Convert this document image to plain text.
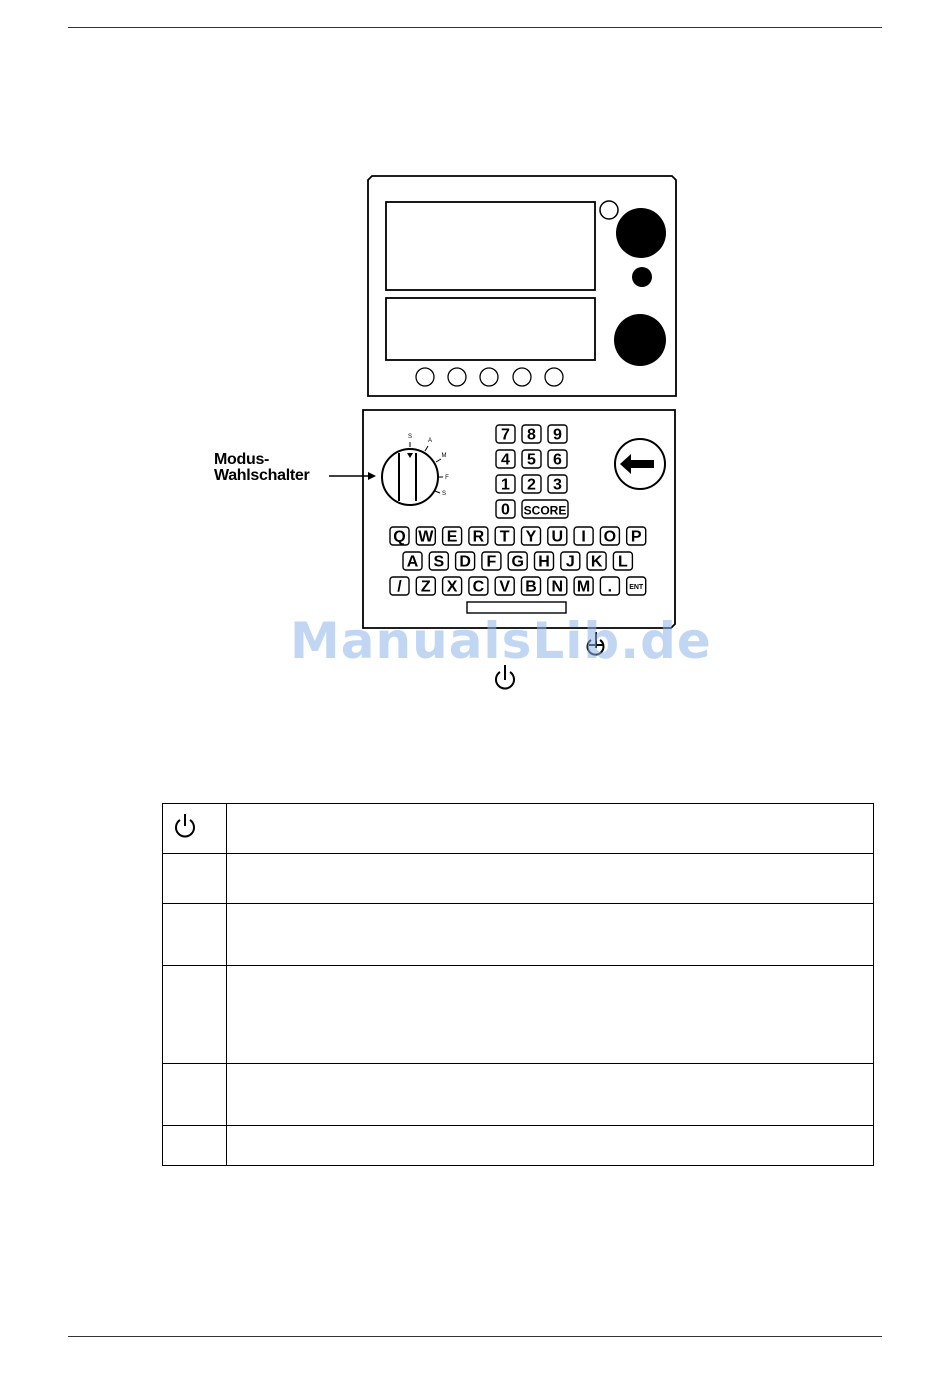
S
A
M
F
S
7 8 9
4 5 6
1 2 3
0 SCORE
Q W E R T Y U I O P
A S D F G H J K L
/ Z X C V B N M . ENT
Modus-
Wahlschalter
ManualsLib.de
